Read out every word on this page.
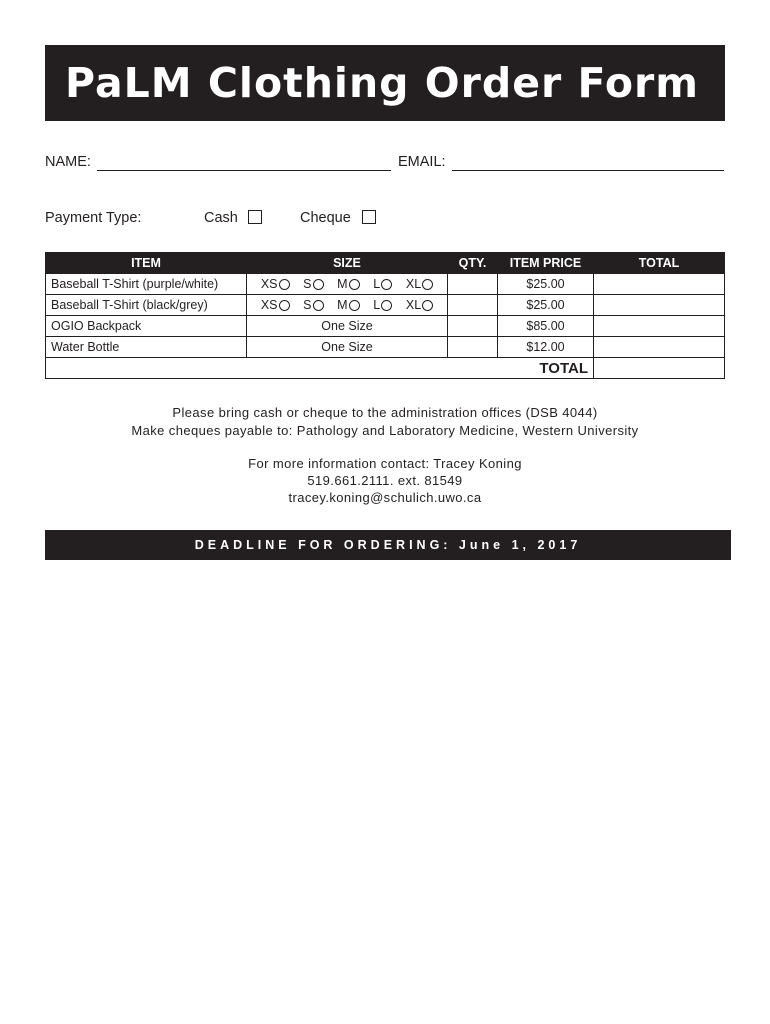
PaLM Clothing Order Form
NAME:	EMAIL:
Payment Type:	Cash	Cheque
ITEM	SIZE	QTY.	ITEM PRICE	TOTAL
Baseball T-Shirt (purple/white)	XS S M L XL		$25.00	
Baseball T-Shirt (black/grey)	XS S M L XL		$25.00	
OGIO Backpack	One Size		$85.00	
Water Bottle	One Size		$12.00	
TOTAL				
Please bring cash or cheque to the administration offices (DSB 4044)
Make cheques payable to: Pathology and Laboratory Medicine, Western University
For more information contact: Tracey Koning
519.661.2111. ext. 81549
tracey.koning@schulich.uwo.ca
DEADLINE FOR ORDERING: June 1, 2017
